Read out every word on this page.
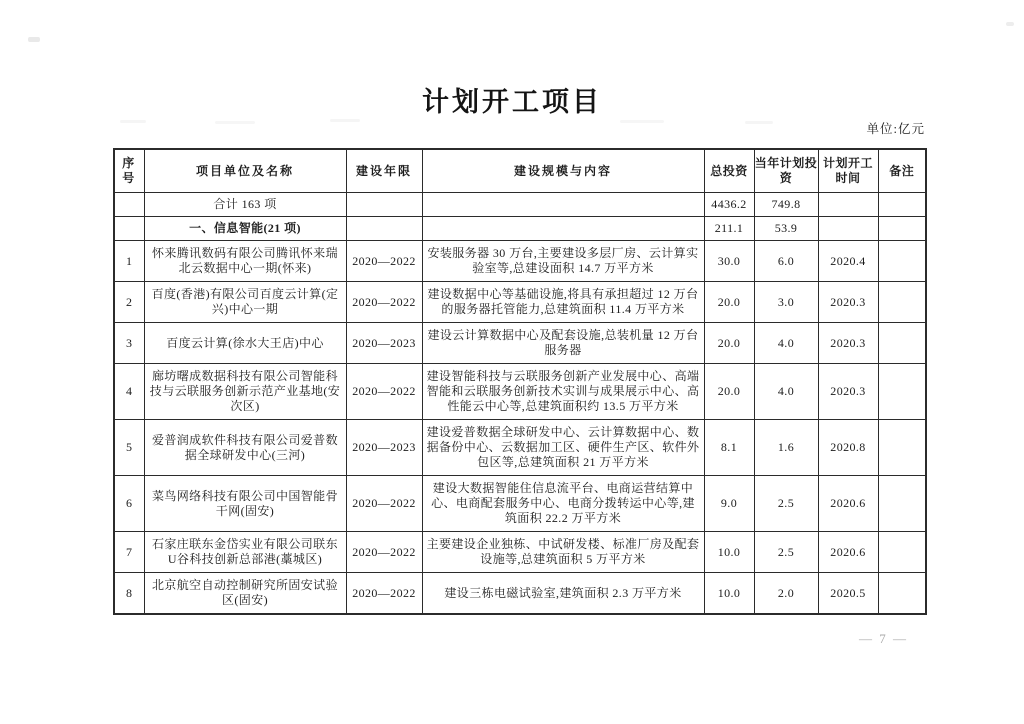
计划开工项目
单位:亿元
序号	项目单位及名称	建设年限	建设规模与内容	总投资	当年计划投资	计划开工时间	备注
	合计 163 项			4436.2	749.8		
	一、信息智能(21 项)			211.1	53.9		
1	怀来腾讯数码有限公司腾讯怀来瑞北云数据中心一期(怀来)	2020—2022	安装服务器 30 万台,主要建设多层厂房、云计算实验室等,总建设面积 14.7 万平方米	30.0	6.0	2020.4	
2	百度(香港)有限公司百度云计算(定兴)中心一期	2020—2022	建设数据中心等基础设施,将具有承担超过 12 万台的服务器托管能力,总建筑面积 11.4 万平方米	20.0	3.0	2020.3	
3	百度云计算(徐水大王店)中心	2020—2023	建设云计算数据中心及配套设施,总装机量 12 万台服务器	20.0	4.0	2020.3	
4	廊坊曙成数据科技有限公司智能科技与云联服务创新示范产业基地(安次区)	2020—2022	建设智能科技与云联服务创新产业发展中心、高端智能和云联服务创新技术实训与成果展示中心、高性能云中心等,总建筑面积约 13.5 万平方米	20.0	4.0	2020.3	
5	爱普润成软件科技有限公司爱普数据全球研发中心(三河)	2020—2023	建设爱普数据全球研发中心、云计算数据中心、数据备份中心、云数据加工区、硬件生产区、软件外包区等,总建筑面积 21 万平方米	8.1	1.6	2020.8	
6	菜鸟网络科技有限公司中国智能骨干网(固安)	2020—2022	建设大数据智能住信息流平台、电商运营结算中心、电商配套服务中心、电商分拨转运中心等,建筑面积 22.2 万平方米	9.0	2.5	2020.6	
7	石家庄联东金岱实业有限公司联东U谷科技创新总部港(藁城区)	2020—2022	主要建设企业独栋、中试研发楼、标准厂房及配套设施等,总建筑面积 5 万平方米	10.0	2.5	2020.6	
8	北京航空自动控制研究所固安试验区(固安)	2020—2022	建设三栋电磁试验室,建筑面积 2.3 万平方米	10.0	2.0	2020.5	
— 7 —
